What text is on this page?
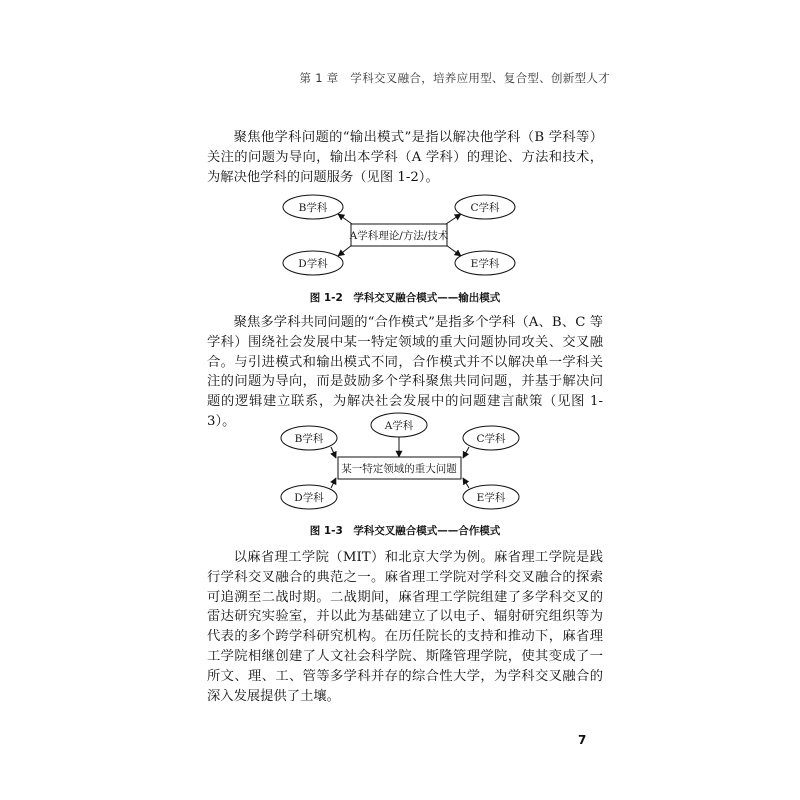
第 1 章　学科交叉融合，培养应用型、复合型、创新型人才

聚焦他学科问题的“输出模式”是指以解决他学科（B 学科等）关注的问题为导向，输出本学科（A 学科）的理论、方法和技术，为解决他学科的问题服务（见图 1-2）。

A学科理论/方法/技术
B学科	C学科
D学科	E学科
某一特定领域的重大问题
A学科
B学科	C学科
D学科	E学科
图 1-2　学科交叉融合模式——输出模式

聚焦多学科共同问题的“合作模式”是指多个学科（A、B、C 等学科）围绕社会发展中某一特定领域的重大问题协同攻关、交叉融合。与引进模式和输出模式不同，合作模式并不以解决单一学科关注的问题为导向，而是鼓励多个学科聚焦共同问题，并基于解决问题的逻辑建立联系，为解决社会发展中的问题建言献策（见图 1-3）。

图 1-3　学科交叉融合模式——合作模式

以麻省理工学院（MIT）和北京大学为例。麻省理工学院是践行学科交叉融合的典范之一。麻省理工学院对学科交叉融合的探索可追溯至二战时期。二战期间，麻省理工学院组建了多学科交叉的雷达研究实验室，并以此为基础建立了以电子、辐射研究组织等为代表的多个跨学科研究机构。在历任院长的支持和推动下，麻省理工学院相继创建了人文社会科学院、斯隆管理学院，使其变成了一所文、理、工、管等多学科并存的综合性大学，为学科交叉融合的深入发展提供了土壤。

7
